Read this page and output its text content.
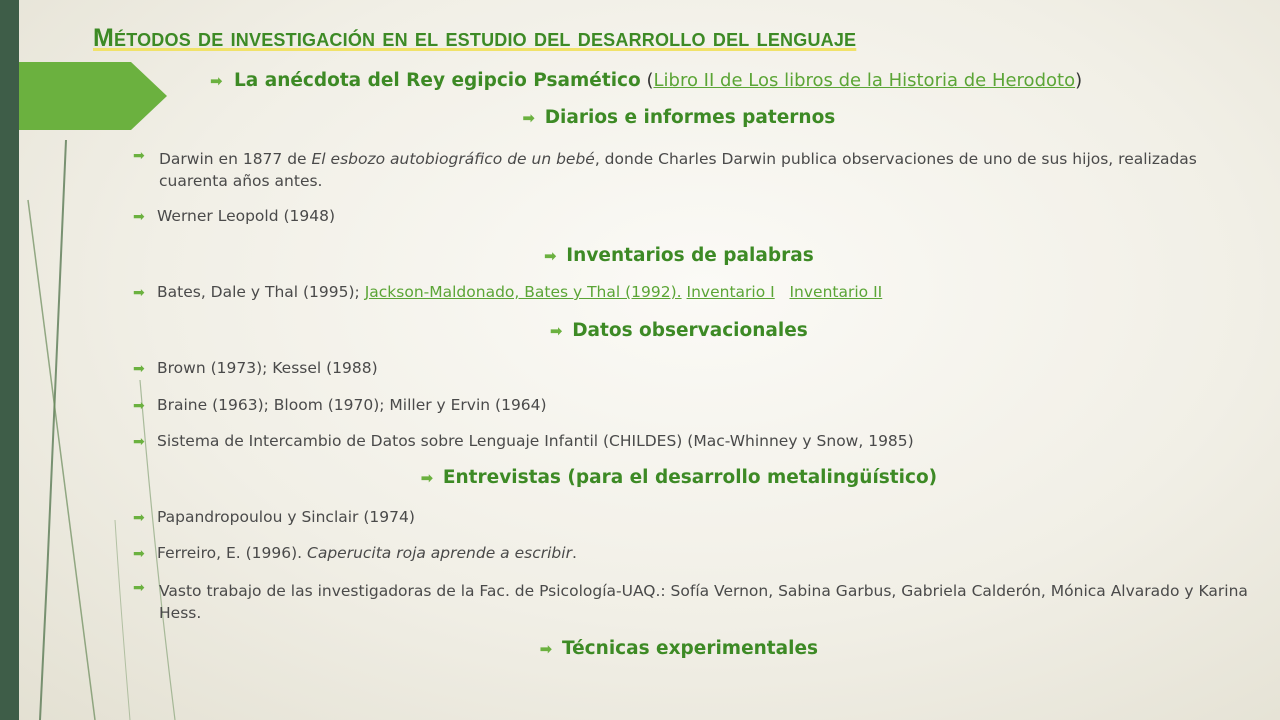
Métodos de investigación en el estudio del desarrollo del lenguaje
➡ La anécdota del Rey egipcio Psamético (Libro II de Los libros de la Historia de Herodoto)
➡ Diarios e informes paternos
➡ Darwin en 1877 de El esbozo autobiográfico de un bebé, donde Charles Darwin publica observaciones de uno de sus hijos, realizadas cuarenta años antes.
➡ Werner Leopold (1948)
➡ Inventarios de palabras
➡ Bates, Dale y Thal (1995); Jackson-Maldonado, Bates y Thal (1992). Inventario I Inventario II
➡ Datos observacionales
➡ Brown (1973); Kessel (1988)
➡ Braine (1963); Bloom (1970); Miller y Ervin (1964)
➡ Sistema de Intercambio de Datos sobre Lenguaje Infantil (CHILDES) (Mac-Whinney y Snow, 1985)
➡ Entrevistas (para el desarrollo metalingüístico)
➡ Papandropoulou y Sinclair (1974)
➡ Ferreiro, E. (1996). Caperucita roja aprende a escribir.
➡ Vasto trabajo de las investigadoras de la Fac. de Psicología-UAQ.: Sofía Vernon, Sabina Garbus, Gabriela Calderón, Mónica Alvarado y Karina Hess.
➡ Técnicas experimentales
